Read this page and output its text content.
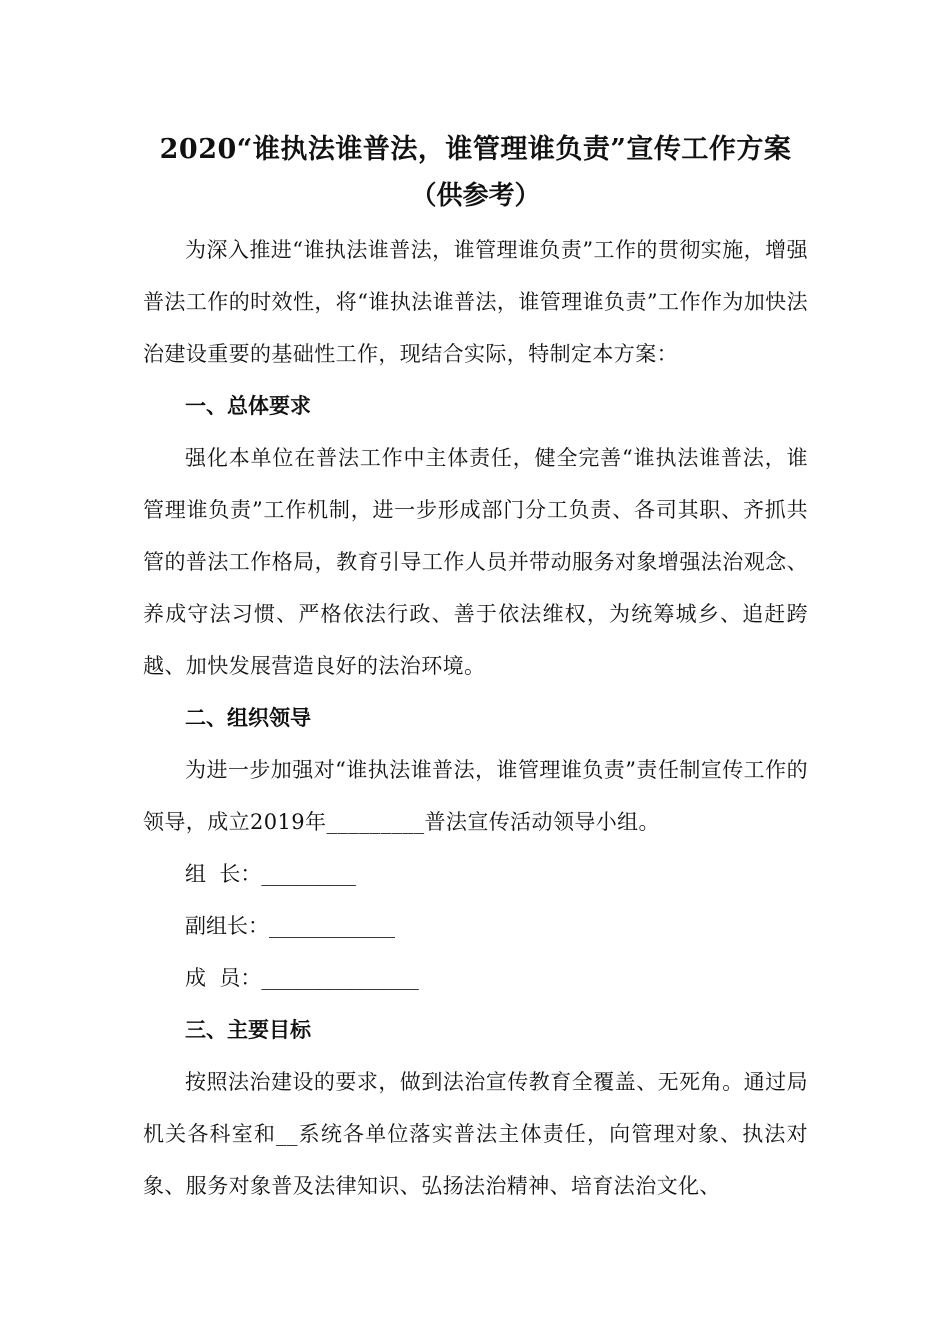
2020“谁执法谁普法，谁管理谁负责”宣传工作方案
（供参考）

为深入推进“谁执法谁普法，谁管理谁负责”工作的贯彻实施，增强普法工作的时效性，将“谁执法谁普法，谁管理谁负责”工作作为加快法治建设重要的基础性工作，现结合实际，特制定本方案：

一、总体要求

强化本单位在普法工作中主体责任，健全完善“谁执法谁普法，谁管理谁负责”工作机制，进一步形成部门分工负责、各司其职、齐抓共管的普法工作格局，教育引导工作人员并带动服务对象增强法治观念、养成守法习惯、严格依法行政、善于依法维权，为统筹城乡、追赶跨越、加快发展营造良好的法治环境。

二、组织领导

为进一步加强对“谁执法谁普法，谁管理谁负责”责任制宣传工作的领导，成立2019年_________普法宣传活动领导小组。

组  长：_________

副组长：____________

成  员：_______________

三、主要目标

按照法治建设的要求，做到法治宣传教育全覆盖、无死角。通过局机关各科室和__系统各单位落实普法主体责任，向管理对象、执法对象、服务对象普及法律知识、弘扬法治精神、培育法治文化、
